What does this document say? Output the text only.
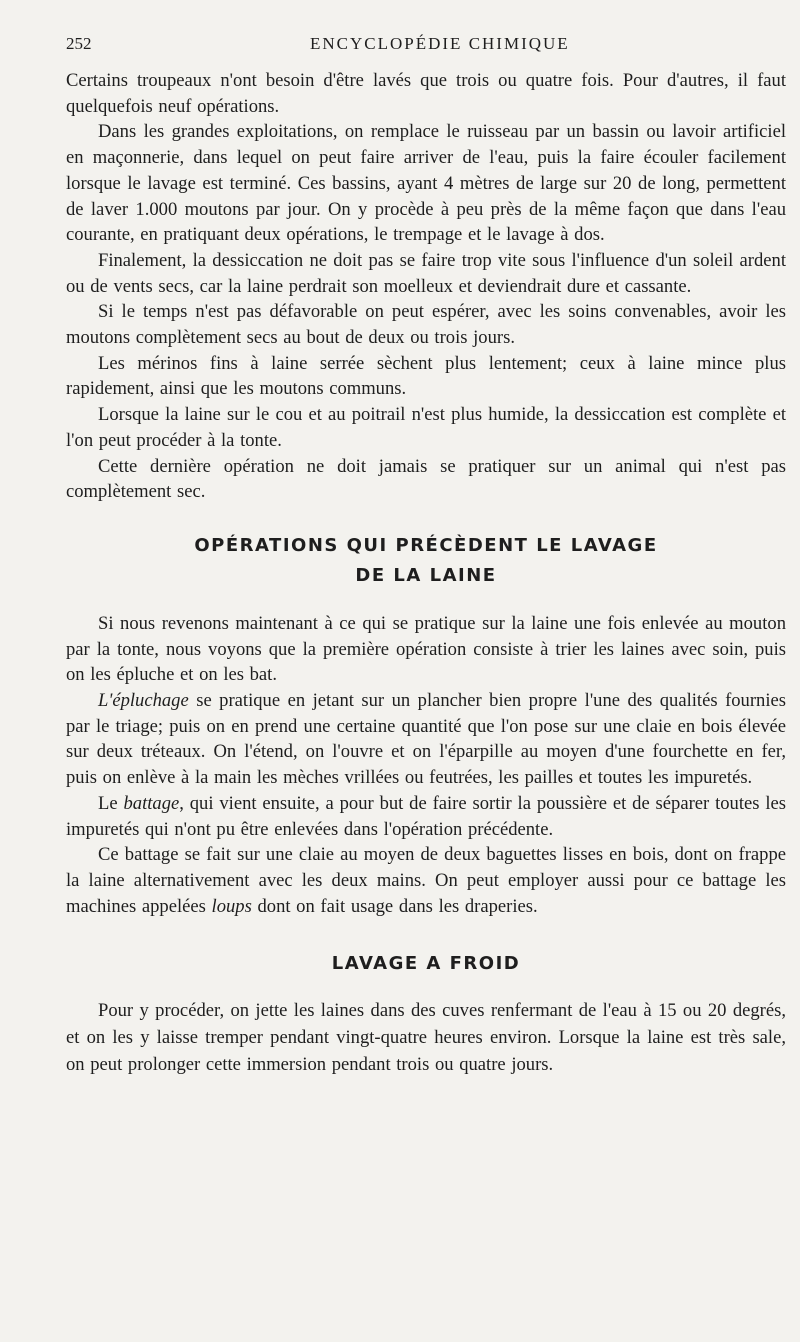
252	ENCYCLOPÉDIE CHIMIQUE

Certains troupeaux n'ont besoin d'être lavés que trois ou quatre fois. Pour d'autres, il faut quelquefois neuf opérations.

Dans les grandes exploitations, on remplace le ruisseau par un bassin ou lavoir artificiel en maçonnerie, dans lequel on peut faire arriver de l'eau, puis la faire écouler facilement lorsque le lavage est terminé. Ces bassins, ayant 4 mètres de large sur 20 de long, permettent de laver 1.000 moutons par jour. On y procède à peu près de la même façon que dans l'eau courante, en pratiquant deux opérations, le trempage et le lavage à dos.

Finalement, la dessiccation ne doit pas se faire trop vite sous l'influence d'un soleil ardent ou de vents secs, car la laine perdrait son moelleux et deviendrait dure et cassante.

Si le temps n'est pas défavorable on peut espérer, avec les soins convenables, avoir les moutons complètement secs au bout de deux ou trois jours.

Les mérinos fins à laine serrée sèchent plus lentement; ceux à laine mince plus rapidement, ainsi que les moutons communs.

Lorsque la laine sur le cou et au poitrail n'est plus humide, la dessiccation est complète et l'on peut procéder à la tonte.

Cette dernière opération ne doit jamais se pratiquer sur un animal qui n'est pas complètement sec.

OPÉRATIONS QUI PRÉCÈDENT LE LAVAGE
DE LA LAINE

Si nous revenons maintenant à ce qui se pratique sur la laine une fois enlevée au mouton par la tonte, nous voyons que la première opération consiste à trier les laines avec soin, puis on les épluche et on les bat.

L'épluchage se pratique en jetant sur un plancher bien propre l'une des qualités fournies par le triage; puis on en prend une certaine quantité que l'on pose sur une claie en bois élevée sur deux tréteaux. On l'étend, on l'ouvre et on l'éparpille au moyen d'une fourchette en fer, puis on enlève à la main les mèches vrillées ou feutrées, les pailles et toutes les impuretés.

Le battage, qui vient ensuite, a pour but de faire sortir la poussière et de séparer toutes les impuretés qui n'ont pu être enlevées dans l'opération précédente.

Ce battage se fait sur une claie au moyen de deux baguettes lisses en bois, dont on frappe la laine alternativement avec les deux mains. On peut employer aussi pour ce battage les machines appelées loups dont on fait usage dans les draperies.

LAVAGE A FROID

Pour y procéder, on jette les laines dans des cuves renfermant de l'eau à 15 ou 20 degrés, et on les y laisse tremper pendant vingt-quatre heures environ. Lorsque la laine est très sale, on peut prolonger cette immersion pendant trois ou quatre jours.
